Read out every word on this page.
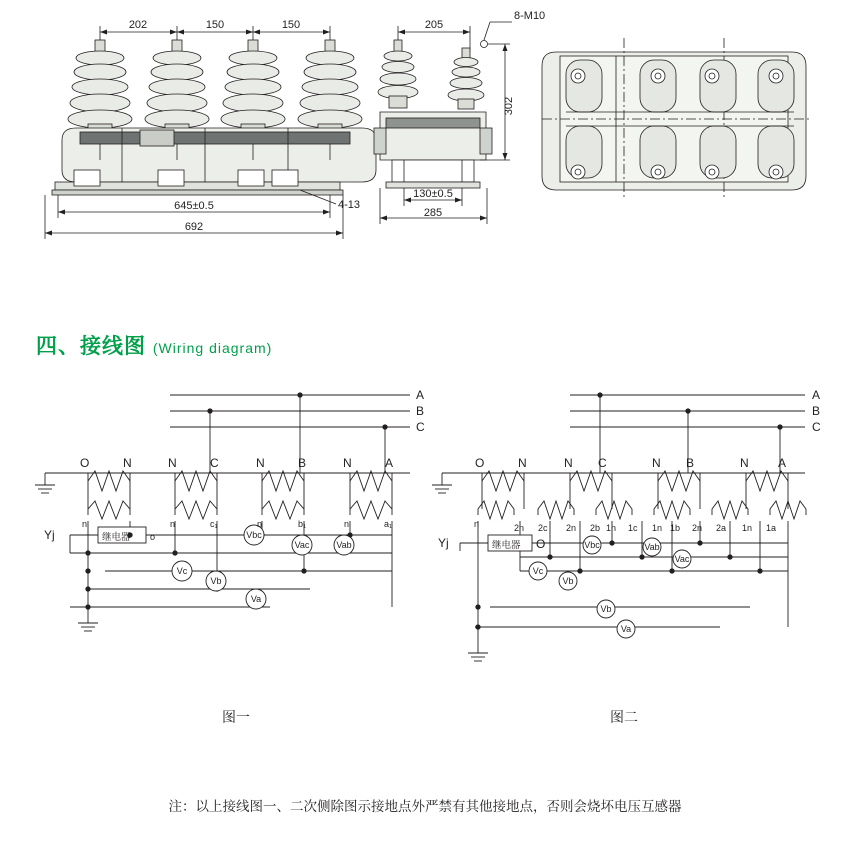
202	150	150
645±0.5
692
4-13
205
8-M10
302
130±0.5
285
四、接线图 (Wiring diagram)
A
B
C
O	N	N	C	N	B	N	A
n	n	c₁	n	b₁	n	a₁
Yj	继电器 o	Vbc
Vac	Vab
Vc
Vb
Va
A
B
C
O	N	N C	N B	N A
n	2n 2c 2n 2b 1n 1c 1n 1b 2n 2a 1n 1a
Yj	继电器 O	Vbc	Vab
Vac
Vc
Vb
Vb
Va
图一	图二
注：以上接线图一、二次侧除图示接地点外严禁有其他接地点，否则会烧坏电压互感器
